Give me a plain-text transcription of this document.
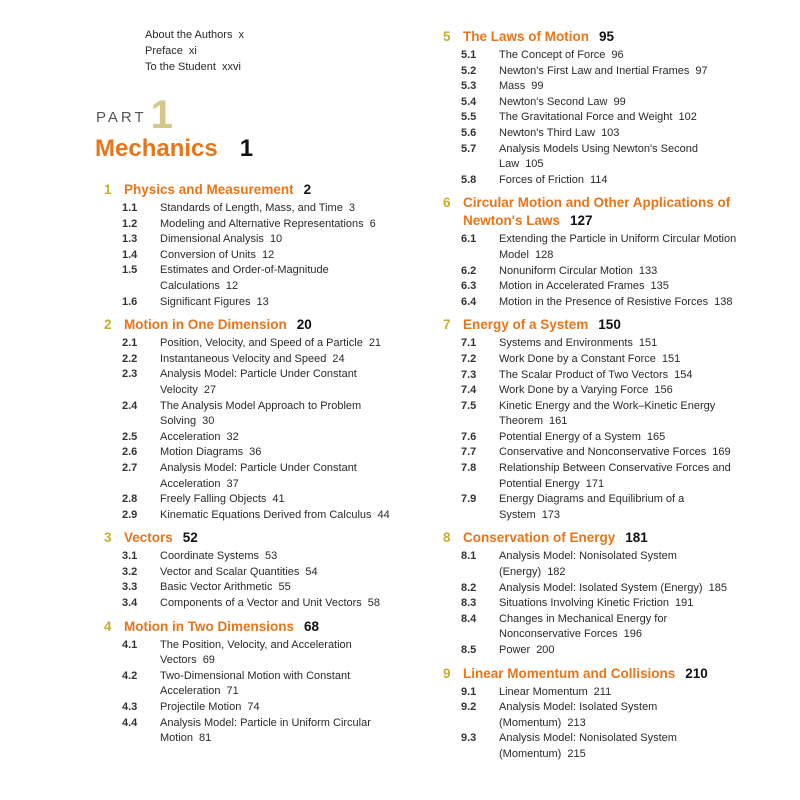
About the Authors x
Preface xi
To the Student xxvi
PART 1
Mechanics 1
1 Physics and Measurement 2
1.1	Standards of Length, Mass, and Time 3
1.2	Modeling and Alternative Representations 6
1.3	Dimensional Analysis 10
1.4	Conversion of Units 12
1.5	Estimates and Order-of-Magnitude Calculations 12
1.6	Significant Figures 13
2 Motion in One Dimension 20
2.1	Position, Velocity, and Speed of a Particle 21
2.2	Instantaneous Velocity and Speed 24
2.3	Analysis Model: Particle Under Constant Velocity 27
2.4	The Analysis Model Approach to Problem Solving 30
2.5	Acceleration 32
2.6	Motion Diagrams 36
2.7	Analysis Model: Particle Under Constant Acceleration 37
2.8	Freely Falling Objects 41
2.9	Kinematic Equations Derived from Calculus 44
3 Vectors 52
3.1	Coordinate Systems 53
3.2	Vector and Scalar Quantities 54
3.3	Basic Vector Arithmetic 55
3.4	Components of a Vector and Unit Vectors 58
4 Motion in Two Dimensions 68
4.1	The Position, Velocity, and Acceleration Vectors 69
4.2	Two-Dimensional Motion with Constant Acceleration 71
4.3	Projectile Motion 74
4.4	Analysis Model: Particle in Uniform Circular Motion 81
5 The Laws of Motion 95
5.1	The Concept of Force 96
5.2	Newton's First Law and Inertial Frames 97
5.3	Mass 99
5.4	Newton's Second Law 99
5.5	The Gravitational Force and Weight 102
5.6	Newton's Third Law 103
5.7	Analysis Models Using Newton's Second Law 105
5.8	Forces of Friction 114
6 Circular Motion and Other Applications of Newton's Laws 127
6.1	Extending the Particle in Uniform Circular Motion Model 128
6.2	Nonuniform Circular Motion 133
6.3	Motion in Accelerated Frames 135
6.4	Motion in the Presence of Resistive Forces 138
7 Energy of a System 150
7.1	Systems and Environments 151
7.2	Work Done by a Constant Force 151
7.3	The Scalar Product of Two Vectors 154
7.4	Work Done by a Varying Force 156
7.5	Kinetic Energy and the Work–Kinetic Energy Theorem 161
7.6	Potential Energy of a System 165
7.7	Conservative and Nonconservative Forces 169
7.8	Relationship Between Conservative Forces and Potential Energy 171
7.9	Energy Diagrams and Equilibrium of a System 173
8 Conservation of Energy 181
8.1	Analysis Model: Nonisolated System (Energy) 182
8.2	Analysis Model: Isolated System (Energy) 185
8.3	Situations Involving Kinetic Friction 191
8.4	Changes in Mechanical Energy for Nonconservative Forces 196
8.5	Power 200
9 Linear Momentum and Collisions 210
9.1	Linear Momentum 211
9.2	Analysis Model: Isolated System (Momentum) 213
9.3	Analysis Model: Nonisolated System (Momentum) 215
